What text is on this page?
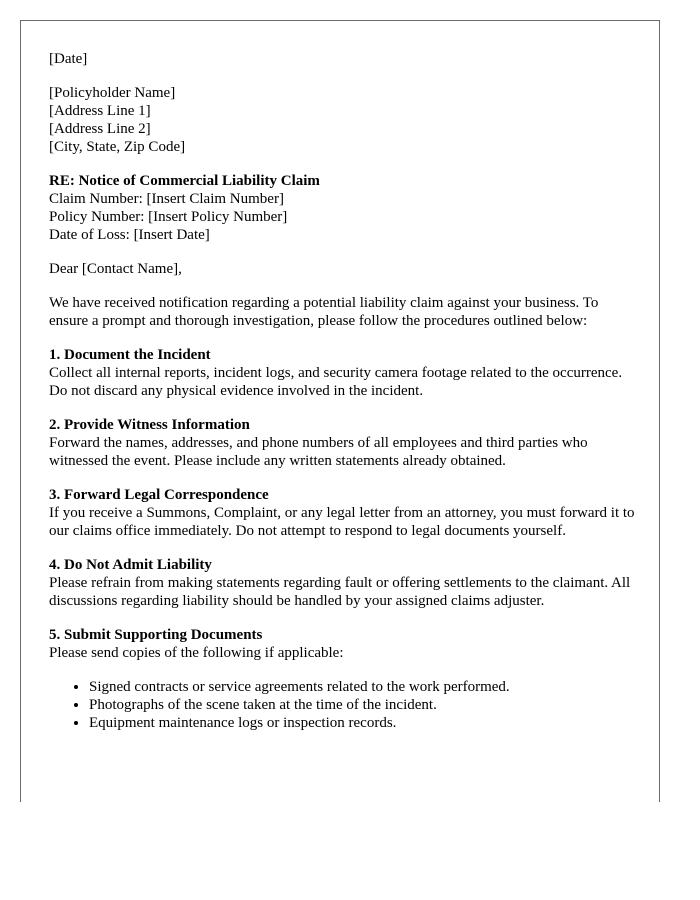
[Date]

[Policyholder Name]
[Address Line 1]
[Address Line 2]
[City, State, Zip Code]
RE: Notice of Commercial Liability Claim
Claim Number: [Insert Claim Number]
Policy Number: [Insert Policy Number]
Date of Loss: [Insert Date]

Dear [Contact Name],

We have received notification regarding a potential liability claim against your business. To ensure a prompt and thorough investigation, please follow the procedures outlined below:

1. Document the Incident
Collect all internal reports, incident logs, and security camera footage related to the occurrence. Do not discard any physical evidence involved in the incident.
2. Provide Witness Information
Forward the names, addresses, and phone numbers of all employees and third parties who witnessed the event. Please include any written statements already obtained.
3. Forward Legal Correspondence
If you receive a Summons, Complaint, or any legal letter from an attorney, you must forward it to our claims office immediately. Do not attempt to respond to legal documents yourself.
4. Do Not Admit Liability
Please refrain from making statements regarding fault or offering settlements to the claimant. All discussions regarding liability should be handled by your assigned claims adjuster.
5. Submit Supporting Documents
Please send copies of the following if applicable:
• Signed contracts or service agreements related to the work performed.
• Photographs of the scene taken at the time of the incident.
• Equipment maintenance logs or inspection records.
